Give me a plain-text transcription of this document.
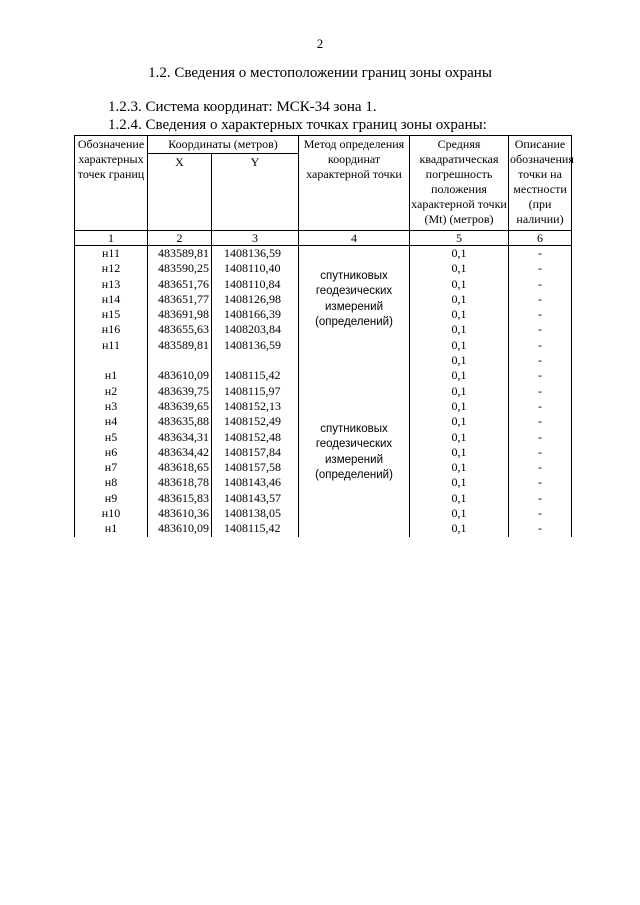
2
1.2. Сведения о местоположении границ зоны охраны
1.2.3. Система координат: МСК-34 зона 1.
1.2.4. Сведения о характерных точках границ зоны охраны:
Обозначение характерных точек границ	Координаты (метров)		Метод определения координат характерной точки	Средняя квадратическая погрешность положения характерной точки (Mt) (метров)	Описание обозначения точки на местности (при наличии)
	X	Y			
1	2	3	4	5	6
н11	483589,81	1408136,59	спутниковых геодезических измерений (определений)	0,1	-
н12	483590,25	1408110,40		0,1	-
н13	483651,76	1408110,84		0,1	-
н14	483651,77	1408126,98		0,1	-
н15	483691,98	1408166,39		0,1	-
н16	483655,63	1408203,84		0,1	-
н11	483589,81	1408136,59		0,1	-
				0,1	-
н1	483610,09	1408115,42	спутниковых геодезических измерений (определений)	0,1	-
н2	483639,75	1408115,97		0,1	-
н3	483639,65	1408152,13		0,1	-
н4	483635,88	1408152,49		0,1	-
н5	483634,31	1408152,48		0,1	-
н6	483634,42	1408157,84		0,1	-
н7	483618,65	1408157,58		0,1	-
н8	483618,78	1408143,46		0,1	-
н9	483615,83	1408143,57		0,1	-
н10	483610,36	1408138,05		0,1	-
н1	483610,09	1408115,42		0,1	-
